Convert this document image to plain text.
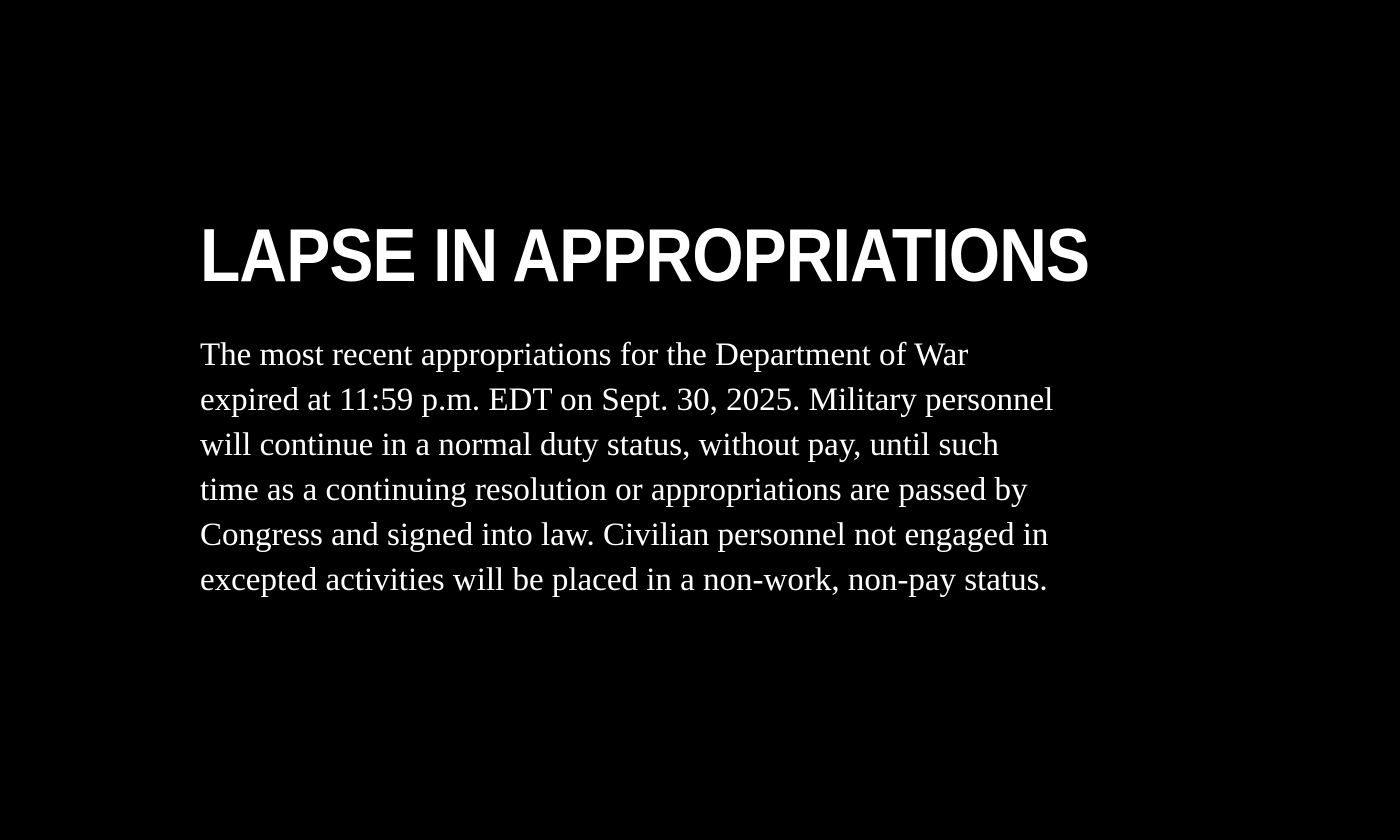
LAPSE IN APPROPRIATIONS

The most recent appropriations for the Department of War
expired at 11:59 p.m. EDT on Sept. 30, 2025. Military personnel
will continue in a normal duty status, without pay, until such
time as a continuing resolution or appropriations are passed by
Congress and signed into law. Civilian personnel not engaged in
excepted activities will be placed in a non-work, non-pay status.
